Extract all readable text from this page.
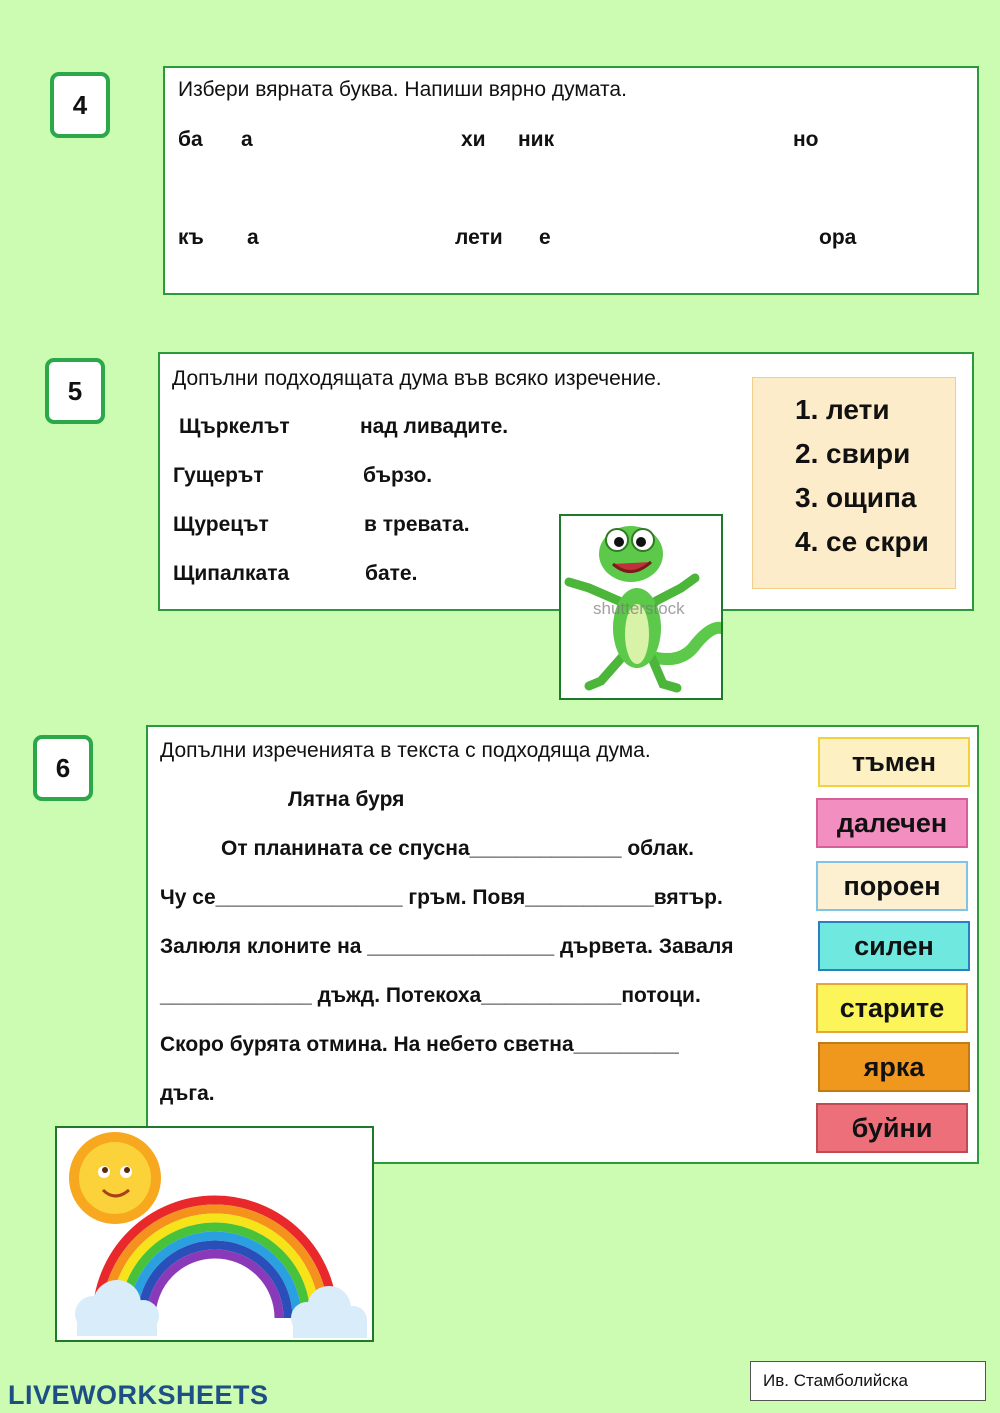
4	Избери вярната буква. Напиши вярно думата.
ба а	хи ник	но
къ а	лети е	ора
5	Допълни подходящата дума във всяко изречение.
Щъркелът	над ливадите.
Гущерът	бързо.
Щурецът	в тревата.
Щипалката	бате.
1. лети
2. свири
3. ощипа
4. се скри
shutterstock
6
Допълни изреченията в текста с подходяща дума.
Лятна буря
От планината се спусна_____________ облак.
Чу се________________ гръм. Повя___________вятър.
Залюля клоните на ________________ дървета. Заваля
_____________ дъжд. Потекоха____________потоци.
Скоро бурята отмина. На небето светна_________
дъга.
тъмен
далечен
пороен
силен
старите
ярка
буйни
LIVEWORKSHEETS	Ив. Стамболийска
